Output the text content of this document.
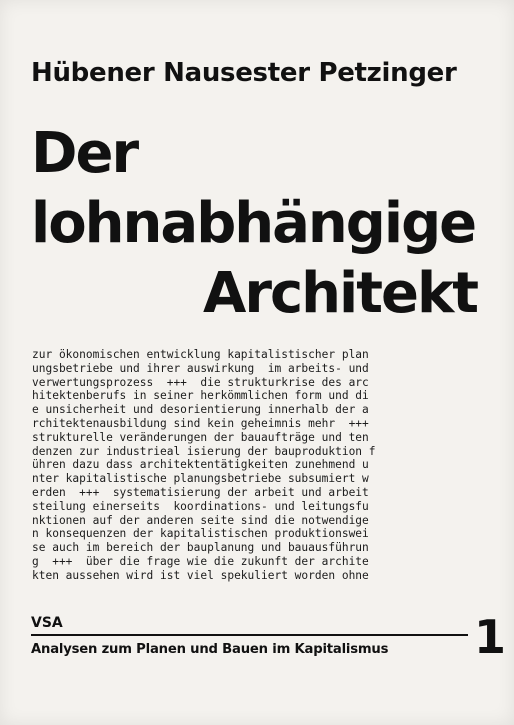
Hübener Nausester Petzinger
Der
lohnabhängige
Architekt
zur ökonomischen entwicklung kapitalistischer plan
ungsbetriebe und ihrer auswirkung  im arbeits- und
verwertungsprozess  +++  die strukturkrise des arc
hitektenberufs in seiner herkömmlichen form und di
e unsicherheit und desorientierung innerhalb der a
rchitektenausbildung sind kein geheimnis mehr  +++
strukturelle veränderungen der bauaufträge und ten
denzen zur industrieal isierung der bauproduktion f
ühren dazu dass architektentätigkeiten zunehmend u
nter kapitalistische planungsbetriebe subsumiert w
erden  +++  systematisierung der arbeit und arbeit
steilung einerseits  koordinations- und leitungsfu
nktionen auf der anderen seite sind die notwendige
n konsequenzen der kapitalistischen produktionswei
se auch im bereich der bauplanung und bauausführun
g  +++  über die frage wie die zukunft der archite
kten aussehen wird ist viel spekuliert worden ohne
VSA
Analysen zum Planen und Bauen im Kapitalismus	1
